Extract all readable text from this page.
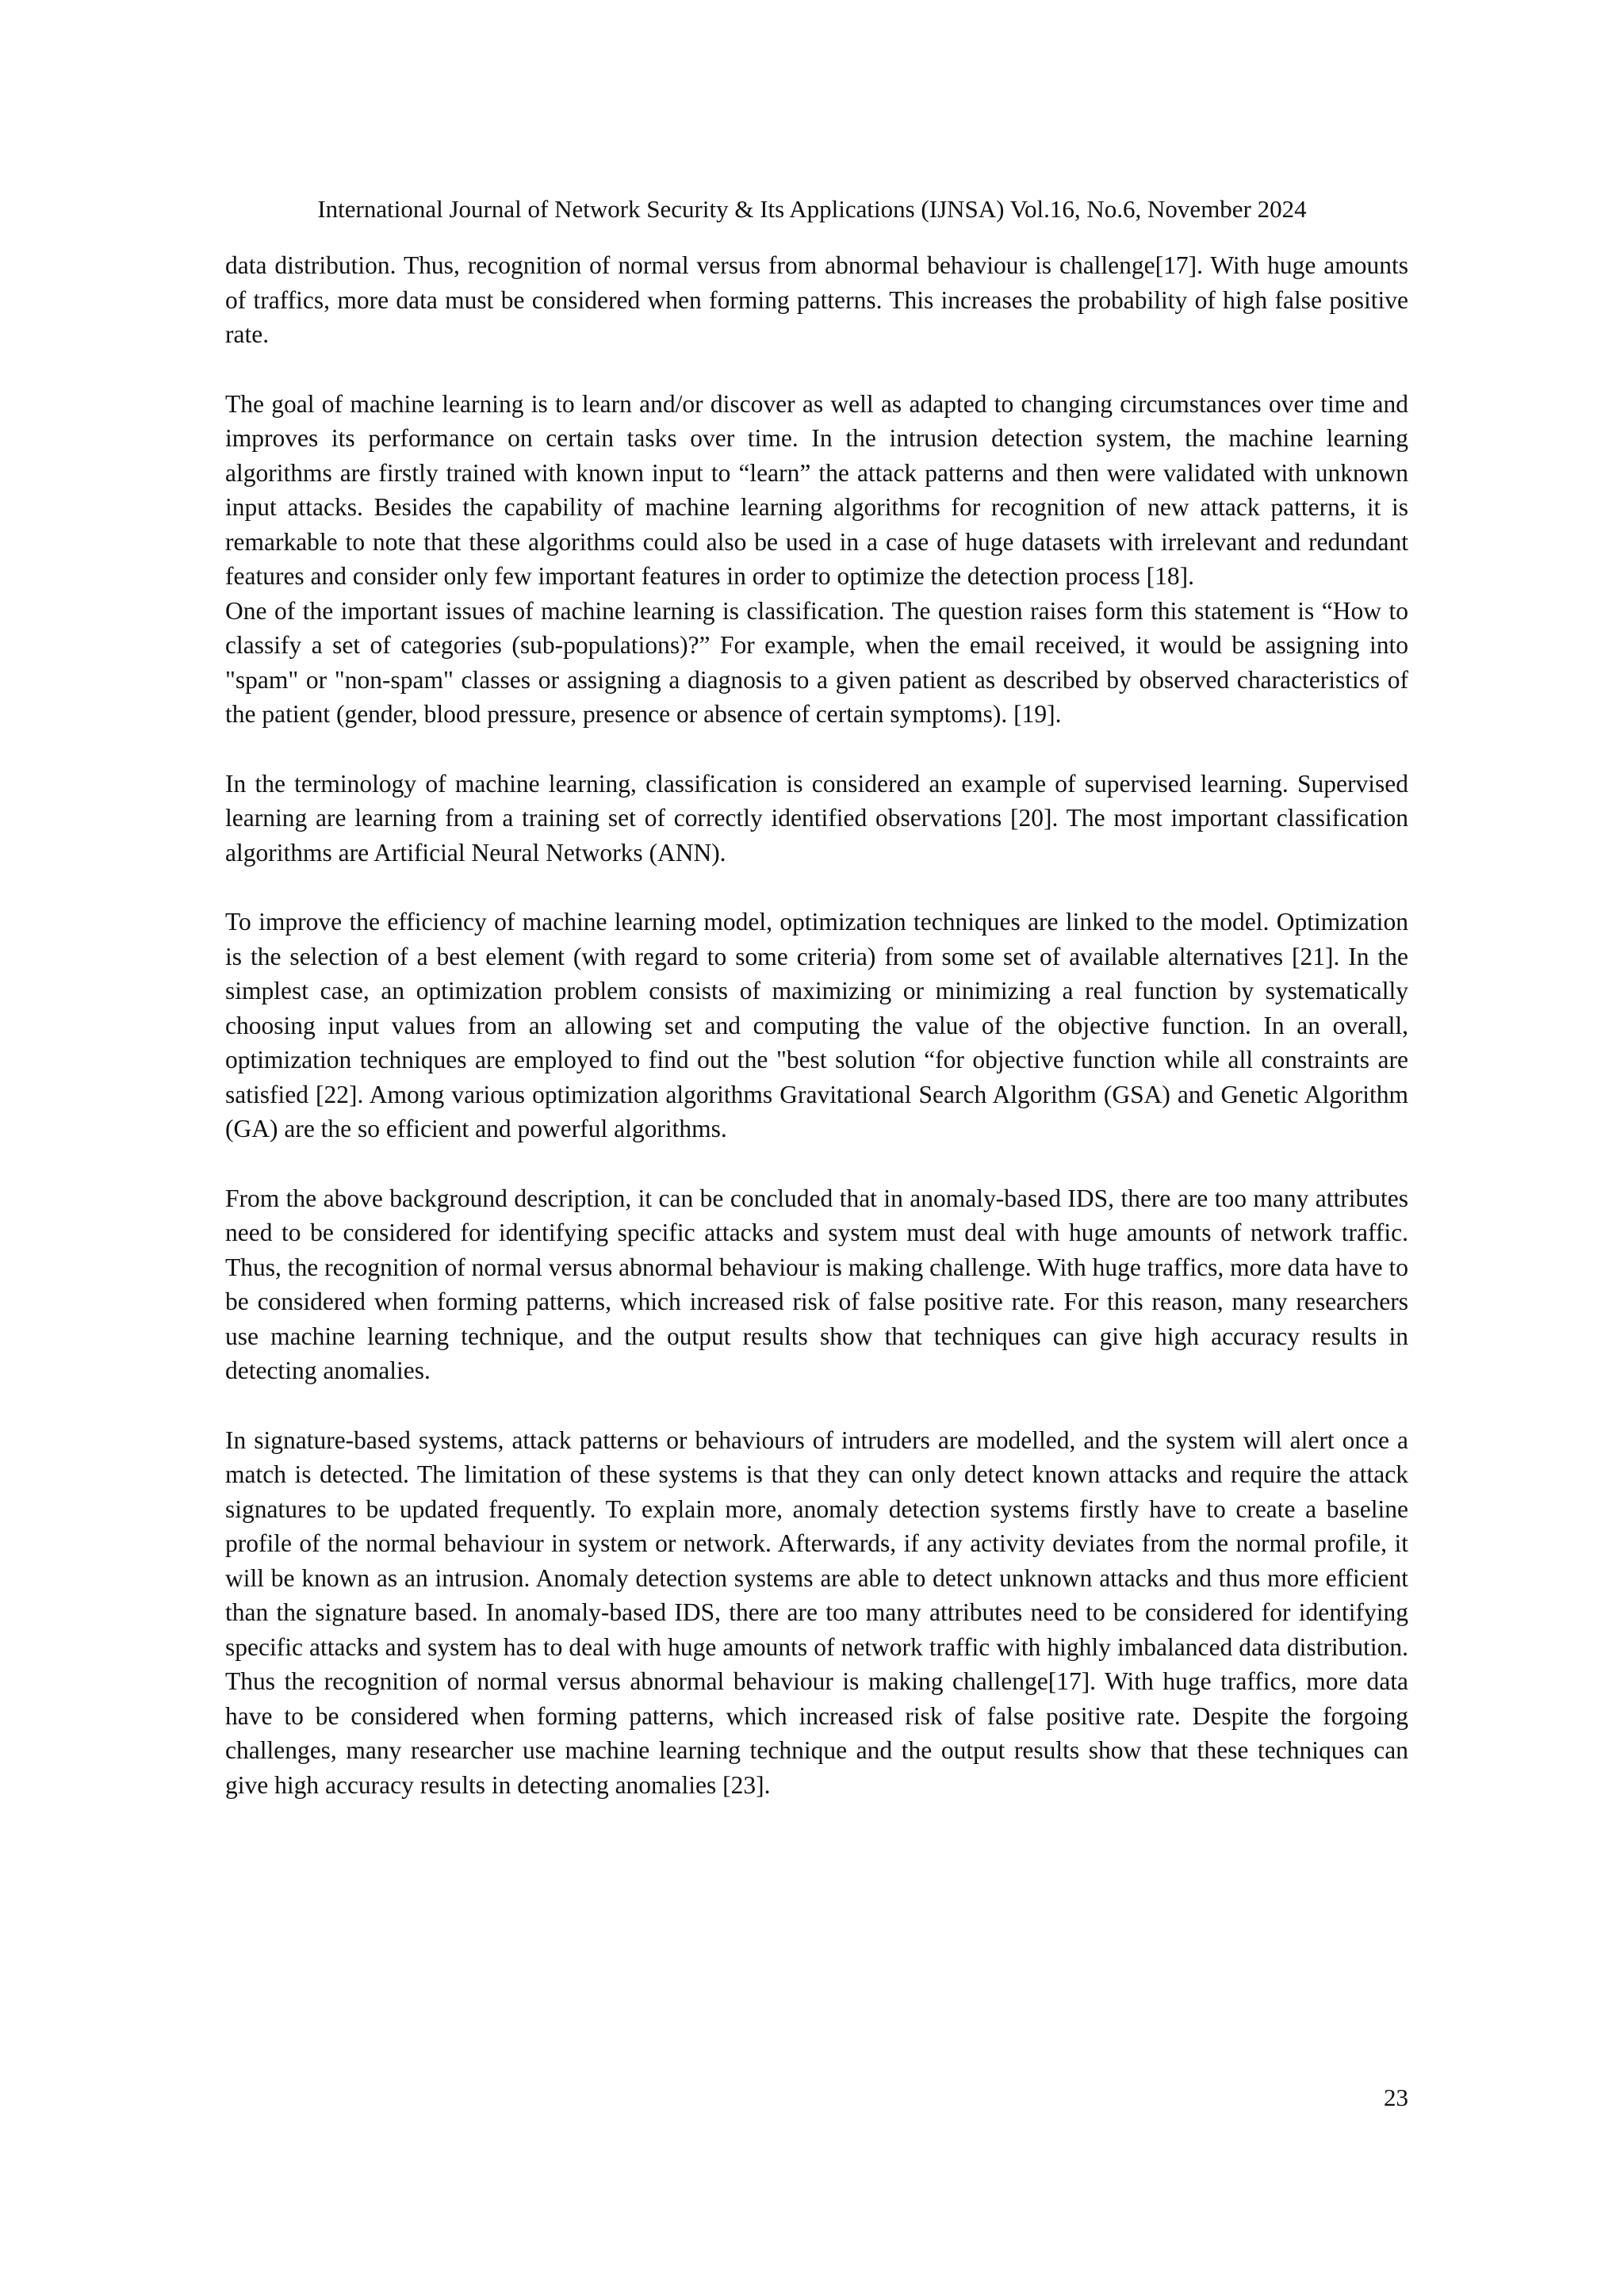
International Journal of Network Security & Its Applications (IJNSA) Vol.16, No.6, November 2024

data distribution. Thus, recognition of normal versus from abnormal behaviour is challenge[17]. With huge amounts of traffics, more data must be considered when forming patterns. This increases the probability of high false positive rate.

The goal of machine learning is to learn and/or discover as well as adapted to changing circumstances over time and improves its performance on certain tasks over time. In the intrusion detection system, the machine learning algorithms are firstly trained with known input to “learn” the attack patterns and then were validated with unknown input attacks. Besides the capability of machine learning algorithms for recognition of new attack patterns, it is remarkable to note that these algorithms could also be used in a case of huge datasets with irrelevant and redundant features and consider only few important features in order to optimize the detection process [18].

One of the important issues of machine learning is classification. The question raises form this statement is “How to classify a set of categories (sub-populations)?” For example, when the email received, it would be assigning into "spam" or "non-spam" classes or assigning a diagnosis to a given patient as described by observed characteristics of the patient (gender, blood pressure, presence or absence of certain symptoms). [19].

In the terminology of machine learning, classification is considered an example of supervised learning. Supervised learning are learning from a training set of correctly identified observations [20]. The most important classification algorithms are Artificial Neural Networks (ANN).

To improve the efficiency of machine learning model, optimization techniques are linked to the model. Optimization is the selection of a best element (with regard to some criteria) from some set of available alternatives [21]. In the simplest case, an optimization problem consists of maximizing or minimizing a real function by systematically choosing input values from an allowing set and computing the value of the objective function. In an overall, optimization techniques are employed to find out the "best solution “for objective function while all constraints are satisfied [22]. Among various optimization algorithms Gravitational Search Algorithm (GSA) and Genetic Algorithm (GA) are the so efficient and powerful algorithms.

From the above background description, it can be concluded that in anomaly-based IDS, there are too many attributes need to be considered for identifying specific attacks and system must deal with huge amounts of network traffic. Thus, the recognition of normal versus abnormal behaviour is making challenge. With huge traffics, more data have to be considered when forming patterns, which increased risk of false positive rate. For this reason, many researchers use machine learning technique, and the output results show that techniques can give high accuracy results in detecting anomalies.

In signature-based systems, attack patterns or behaviours of intruders are modelled, and the system will alert once a match is detected. The limitation of these systems is that they can only detect known attacks and require the attack signatures to be updated frequently. To explain more, anomaly detection systems firstly have to create a baseline profile of the normal behaviour in system or network. Afterwards, if any activity deviates from the normal profile, it will be known as an intrusion. Anomaly detection systems are able to detect unknown attacks and thus more efficient than the signature based. In anomaly-based IDS, there are too many attributes need to be considered for identifying specific attacks and system has to deal with huge amounts of network traffic with highly imbalanced data distribution. Thus the recognition of normal versus abnormal behaviour is making challenge[17]. With huge traffics, more data have to be considered when forming patterns, which increased risk of false positive rate. Despite the forgoing challenges, many researcher use machine learning technique and the output results show that these techniques can give high accuracy results in detecting anomalies [23].

23
